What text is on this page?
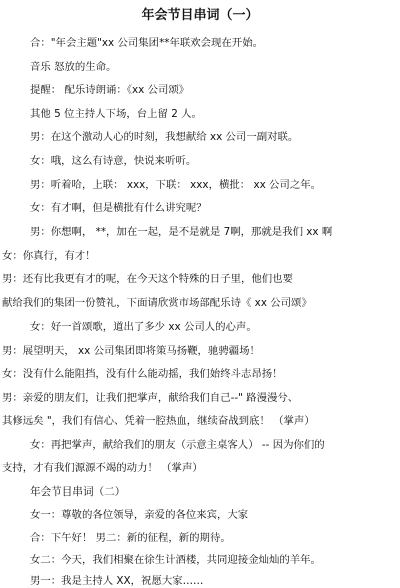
年会节目串词（一）
合："年会主题"xx 公司集团**年联欢会现在开始。
音乐 怒放的生命。
提醒： 配乐诗朗诵：《xx 公司颂》
其他 5 位主持人下场，台上留 2 人。
男：在这个激动人心的时刻，我想献给 xx 公司一副对联。
女：哦，这么有诗意，快说来听听。
男：听着哈，上联： xxx，下联： xxx，横批： xx 公司之年。
女：有才啊，但是横批有什么讲究呢？
男：你想啊， **，加在一起，是不是就是 7啊，那就是我们 xx 啊
女：你真行，有才！
男：还有比我更有才的呢，在今天这个特殊的日子里，他们也要
献给我们的集团一份赞礼，下面请欣赏市场部配乐诗《 xx 公司颂》
女：好一首颂歌，道出了多少 xx 公司人的心声。
男：展望明天， xx 公司集团即将策马扬鞭，驰骋疆场！
女：没有什么能阻挡，没有什么能动摇，我们始终斗志昂扬！
男：亲爱的朋友们，让我们把掌声，献给我们自己--" 路漫漫兮、
其修远矣 "，我们有信心、凭着一腔热血，继续奋战到底！ （掌声）
女：再把掌声，献给我们的朋友（示意主桌客人） -- 因为你们的
支持，才有我们源源不竭的动力！ （掌声）
年会节目串词（二）
女一：尊敬的各位领导，亲爱的各位来宾，大家
合：下午好！ 男二：新的征程，新的期待。
女二：今天，我们相聚在徐生计酒楼，共同迎接金灿灿的羊年。
男一：我是主持人 XX，祝愿大家……
